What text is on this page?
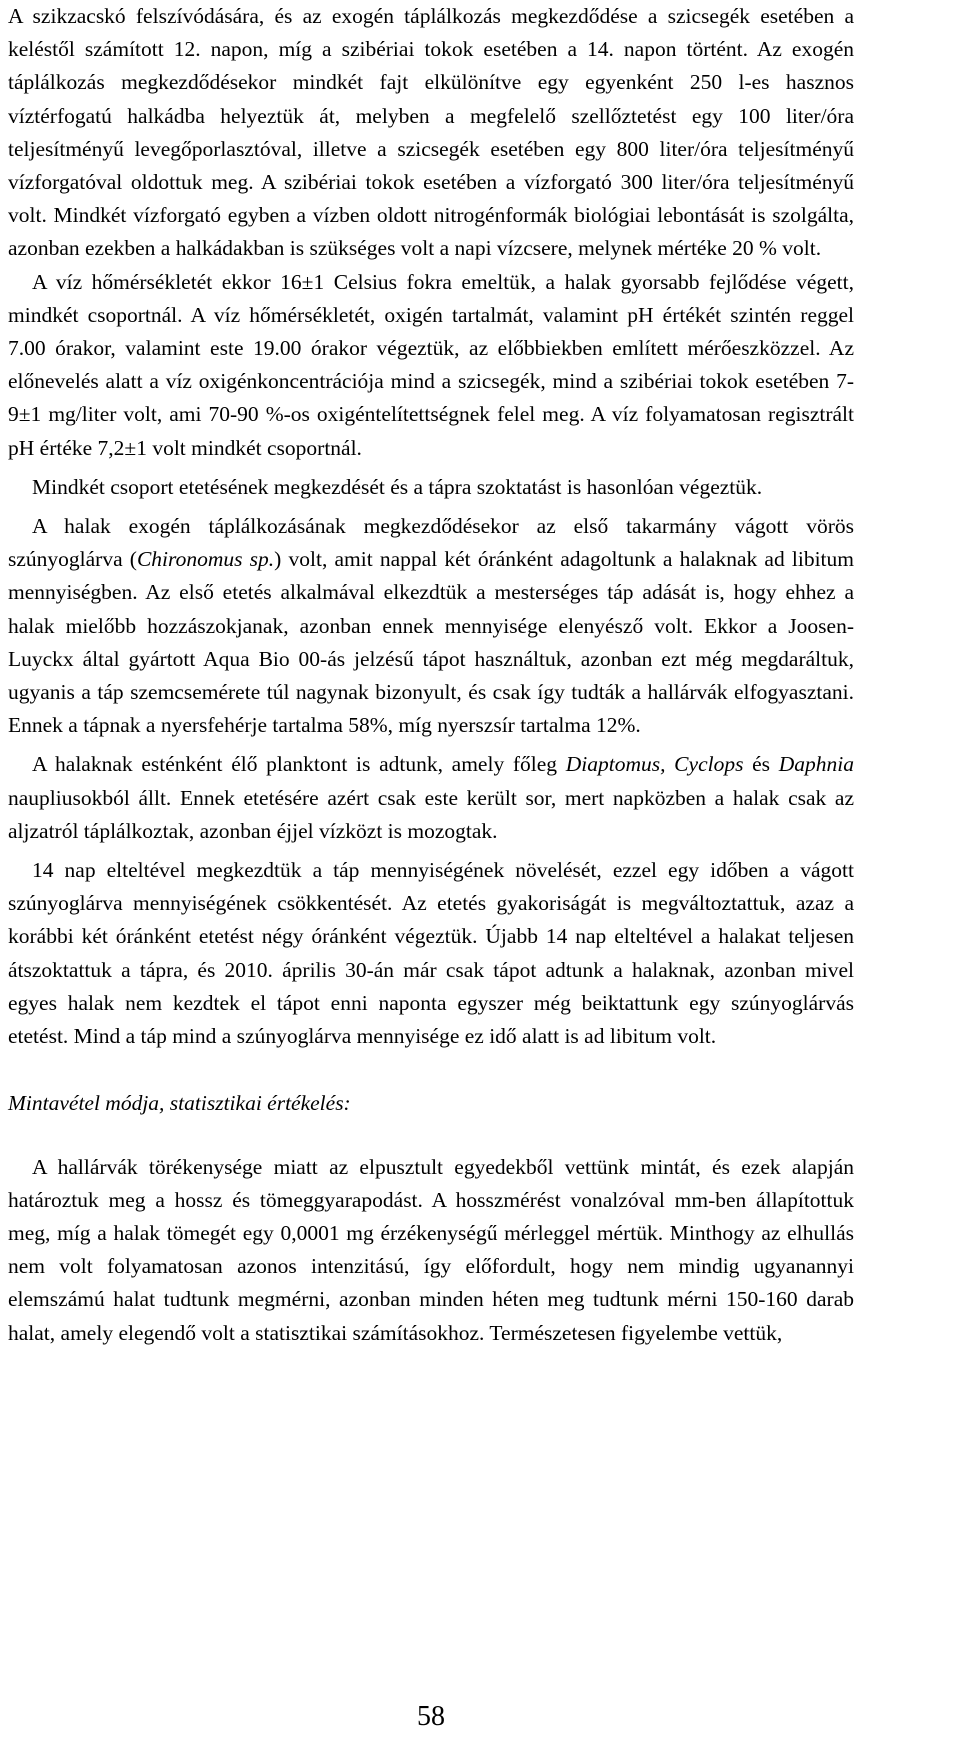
A szikzacskó felszívódására, és az exogén táplálkozás megkezdődése a szicsegék esetében a keléstől számított 12. napon, míg a szibériai tokok esetében a 14. napon történt. Az exogén táplálkozás megkezdődésekor mindkét fajt elkülönítve egy egyenként 250 l-es hasznos víztérfogatú halkádba helyeztük át, melyben a megfelelő szellőztetést egy 100 liter/óra teljesítményű levegőporlasztóval, illetve a szicsegék esetében egy 800 liter/óra teljesítményű vízforgatóval oldottuk meg. A szibériai tokok esetében a vízforgató 300 liter/óra teljesítményű volt. Mindkét vízforgató egyben a vízben oldott nitrogénformák biológiai lebontását is szolgálta, azonban ezekben a halkádakban is szükséges volt a napi vízcsere, melynek mértéke 20 % volt.

A víz hőmérsékletét ekkor 16±1 Celsius fokra emeltük, a halak gyorsabb fejlődése végett, mindkét csoportnál. A víz hőmérsékletét, oxigén tartalmát, valamint pH értékét szintén reggel 7.00 órakor, valamint este 19.00 órakor végeztük, az előbbiekben említett mérőeszközzel. Az előnevelés alatt a víz oxigénkoncentrációja mind a szicsegék, mind a szibériai tokok esetében 7-9±1 mg/liter volt, ami 70-90 %-os oxigéntelítettségnek felel meg. A víz folyamatosan regisztrált pH értéke 7,2±1 volt mindkét csoportnál.

Mindkét csoport etetésének megkezdését és a tápra szoktatást is hasonlóan végeztük.

A halak exogén táplálkozásának megkezdődésekor az első takarmány vágott vörös szúnyoglárva (Chironomus sp.) volt, amit nappal két óránként adagoltunk a halaknak ad libitum mennyiségben. Az első etetés alkalmával elkezdtük a mesterséges táp adását is, hogy ehhez a halak mielőbb hozzászokjanak, azonban ennek mennyisége elenyésző volt. Ekkor a Joosen-Luyckx által gyártott Aqua Bio 00-ás jelzésű tápot használtuk, azonban ezt még megdaráltuk, ugyanis a táp szemcsemérete túl nagynak bizonyult, és csak így tudták a hallárvák elfogyasztani. Ennek a tápnak a nyersfehérje tartalma 58%, míg nyerszsír tartalma 12%.

A halaknak esténként élő planktont is adtunk, amely főleg Diaptomus, Cyclops és Daphnia naupliusokból állt. Ennek etetésére azért csak este került sor, mert napközben a halak csak az aljzatról táplálkoztak, azonban éjjel vízközt is mozogtak.

14 nap elteltével megkezdtük a táp mennyiségének növelését, ezzel egy időben a vágott szúnyoglárva mennyiségének csökkentését. Az etetés gyakoriságát is megváltoztattuk, azaz a korábbi két óránként etetést négy óránként végeztük. Újabb 14 nap elteltével a halakat teljesen átszoktattuk a tápra, és 2010. április 30-án már csak tápot adtunk a halaknak, azonban mivel egyes halak nem kezdtek el tápot enni naponta egyszer még beiktattunk egy szúnyoglárvás etetést. Mind a táp mind a szúnyoglárva mennyisége ez idő alatt is ad libitum volt.

Mintavétel módja, statisztikai értékelés:

A hallárvák törékenysége miatt az elpusztult egyedekből vettünk mintát, és ezek alapján határoztuk meg a hossz és tömeggyarapodást. A hosszmérést vonalzóval mm-ben állapítottuk meg, míg a halak tömegét egy 0,0001 mg érzékenységű mérleggel mértük. Minthogy az elhullás nem volt folyamatosan azonos intenzitású, így előfordult, hogy nem mindig ugyanannyi elemszámú halat tudtunk megmérni, azonban minden héten meg tudtunk mérni 150-160 darab halat, amely elegendő volt a statisztikai számításokhoz. Természetesen figyelembe vettük,

58
